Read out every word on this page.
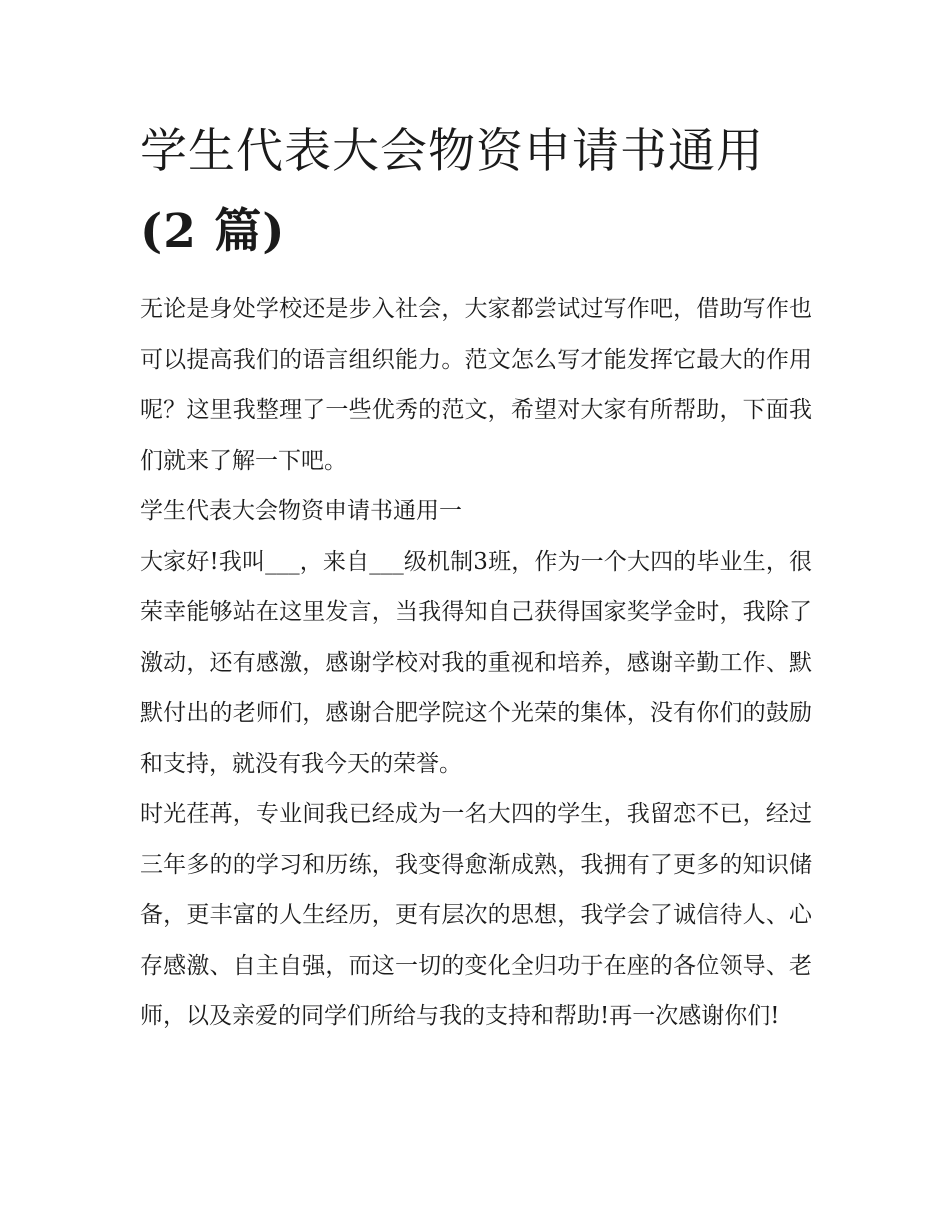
学生代表大会物资申请书通用
(2 篇)

无论是身处学校还是步入社会，大家都尝试过写作吧，借助写作也可以提高我们的语言组织能力。范文怎么写才能发挥它最大的作用呢？这里我整理了一些优秀的范文，希望对大家有所帮助，下面我们就来了解一下吧。

学生代表大会物资申请书通用一

大家好!我叫___，来自___级机制3班，作为一个大四的毕业生，很荣幸能够站在这里发言，当我得知自己获得国家奖学金时，我除了激动，还有感激，感谢学校对我的重视和培养，感谢辛勤工作、默默付出的老师们，感谢合肥学院这个光荣的集体，没有你们的鼓励和支持，就没有我今天的荣誉。

时光荏苒，专业间我已经成为一名大四的学生，我留恋不已，经过三年多的的学习和历练，我变得愈渐成熟，我拥有了更多的知识储备，更丰富的人生经历，更有层次的思想，我学会了诚信待人、心存感激、自主自强，而这一切的变化全归功于在座的各位领导、老师，以及亲爱的同学们所给与我的支持和帮助!再一次感谢你们!
